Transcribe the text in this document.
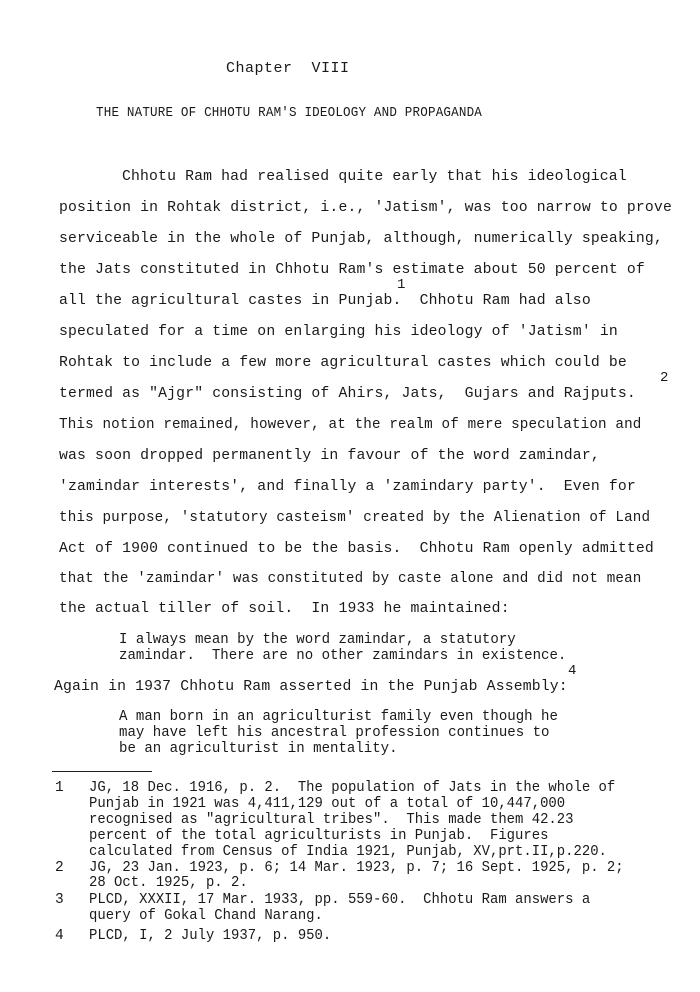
Chapter  VIII
THE NATURE OF CHHOTU RAM'S IDEOLOGY AND PROPAGANDA
Chhotu Ram had realised quite early that his ideological
position in Rohtak district, i.e., 'Jatism', was too narrow to prove
serviceable in the whole of Punjab, although, numerically speaking,
the Jats constituted in Chhotu Ram's estimate about 50 percent of
1
all the agricultural castes in Punjab.  Chhotu Ram had also
speculated for a time on enlarging his ideology of 'Jatism' in
Rohtak to include a few more agricultural castes which could be
2
termed as "Ajgr" consisting of Ahirs, Jats,  Gujars and Rajputs.
This notion remained, however, at the realm of mere speculation and
was soon dropped permanently in favour of the word zamindar,
'zamindar interests', and finally a 'zamindary party'.  Even for
this purpose, 'statutory casteism' created by the Alienation of Land
Act of 1900 continued to be the basis.  Chhotu Ram openly admitted
that the 'zamindar' was constituted by caste alone and did not mean
the actual tiller of soil.  In 1933 he maintained:
I always mean by the word zamindar, a statutory
zamindar.  There are no other zamindars in existence.
4
Again in 1937 Chhotu Ram asserted in the Punjab Assembly:
A man born in an agriculturist family even though he
may have left his ancestral profession continues to
be an agriculturist in mentality.
1 JG, 18 Dec. 1916, p. 2.  The population of Jats in the whole of
Punjab in 1921 was 4,411,129 out of a total of 10,447,000
recognised as "agricultural tribes".  This made them 42.23
percent of the total agriculturists in Punjab.  Figures
calculated from Census of India 1921, Punjab, XV,prt.II,p.220.
2 JG, 23 Jan. 1923, p. 6; 14 Mar. 1923, p. 7; 16 Sept. 1925, p. 2;
28 Oct. 1925, p. 2.
3 PLCD, XXXII, 17 Mar. 1933, pp. 559-60.  Chhotu Ram answers a
query of Gokal Chand Narang.
4 PLCD, I, 2 July 1937, p. 950.
